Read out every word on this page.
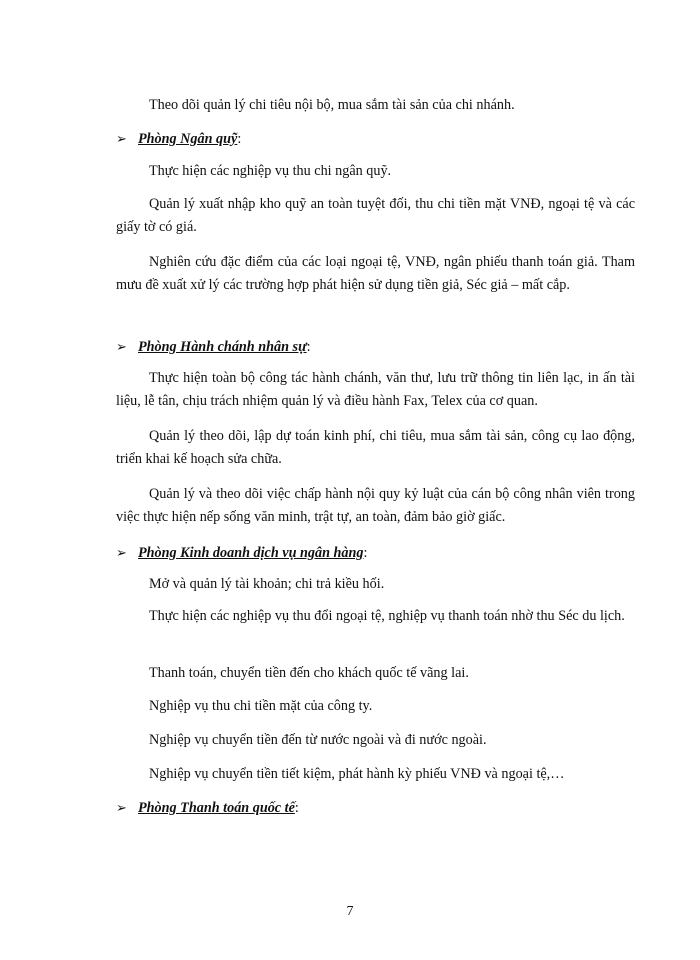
Theo dõi quản lý chi tiêu nội bộ, mua sắm tài sản của chi nhánh.

➢ Phòng Ngân quỹ:

Thực hiện các nghiệp vụ thu chi ngân quỹ.

Quản lý xuất nhập kho quỹ an toàn tuyệt đối, thu chi tiền mặt VNĐ, ngoại tệ và các giấy tờ có giá.

Nghiên cứu đặc điểm của các loại ngoại tệ, VNĐ, ngân phiếu thanh toán giả. Tham mưu đề xuất xử lý các trường hợp phát hiện sử dụng tiền giả, Séc giả – mất cắp.

➢ Phòng Hành chánh nhân sự:

Thực hiện toàn bộ công tác hành chánh, văn thư, lưu trữ thông tin liên lạc, in ấn tài liệu, lễ tân, chịu trách nhiệm quản lý và điều hành Fax, Telex của cơ quan.

Quản lý theo dõi, lập dự toán kinh phí, chi tiêu, mua sắm tài sản, công cụ lao động, triển khai kế hoạch sửa chữa.

Quản lý và theo dõi việc chấp hành nội quy kỷ luật của cán bộ công nhân viên trong việc thực hiện nếp sống văn minh, trật tự, an toàn, đảm bảo giờ giấc.

➢ Phòng Kinh doanh dịch vụ ngân hàng:

Mở và quản lý tài khoản; chi trả kiều hối.

Thực hiện các nghiệp vụ thu đổi ngoại tệ, nghiệp vụ thanh toán nhờ thu Séc du lịch.

Thanh toán, chuyển tiền đến cho khách quốc tế vãng lai.

Nghiệp vụ thu chi tiền mặt của công ty.

Nghiệp vụ chuyển tiền đến từ nước ngoài và đi nước ngoài.

Nghiệp vụ chuyển tiền tiết kiệm, phát hành kỳ phiếu VNĐ và ngoại tệ,…

➢ Phòng Thanh toán quốc tế:

7
